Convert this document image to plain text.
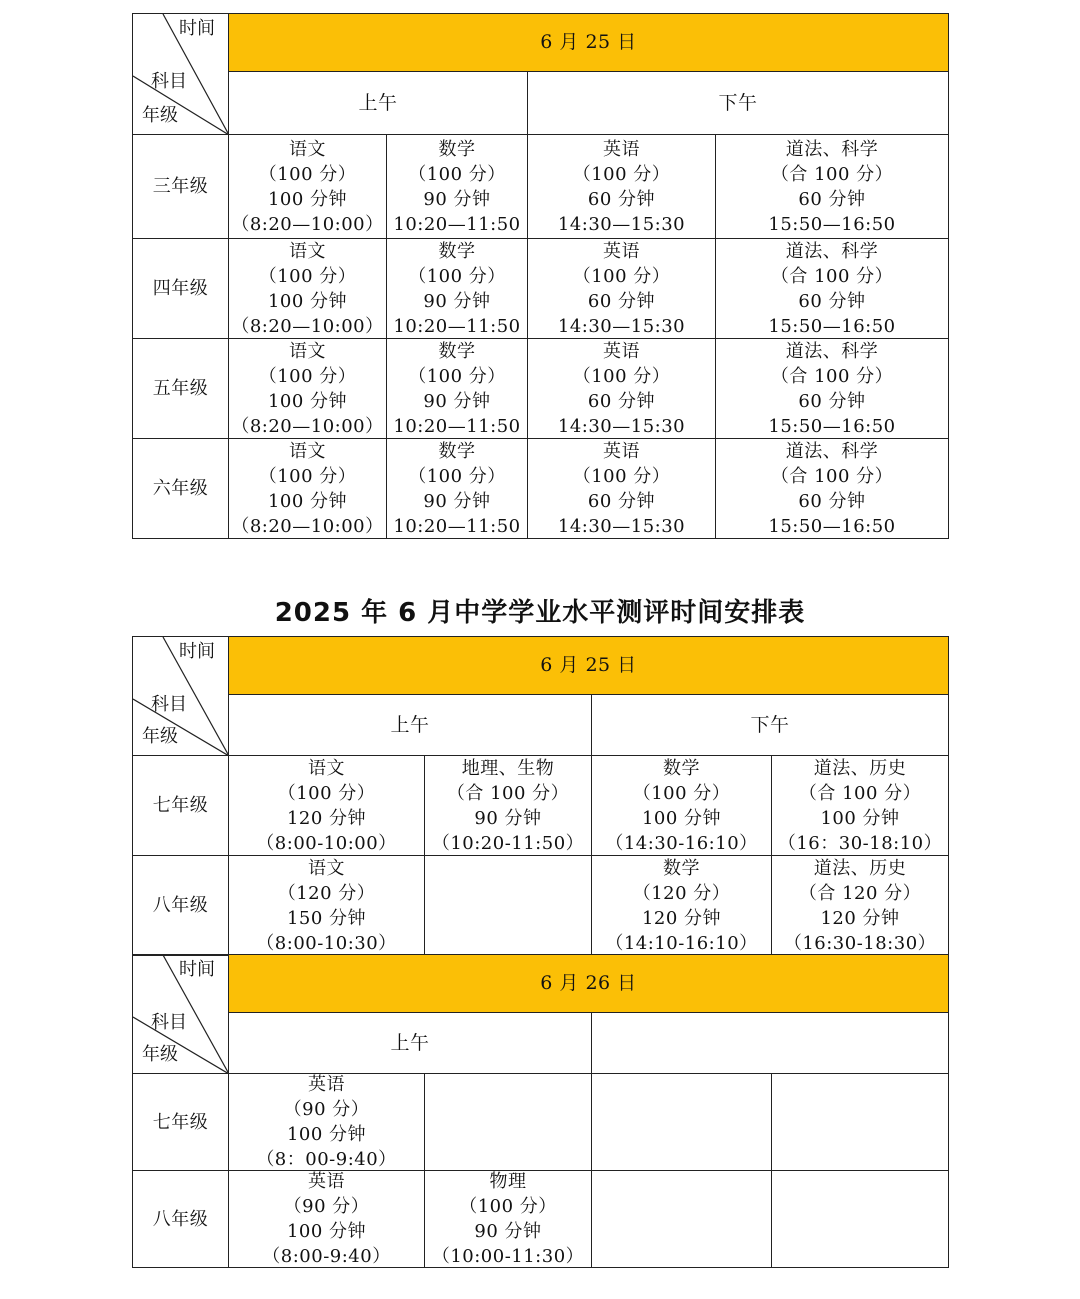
时间
科目
年级
6 月 25 日
上午	下午
三年级
语文
（100 分）
100 分钟
（8:20—10:00）
数学
（100 分）
90 分钟
10:20—11:50
英语
（100 分）
60 分钟
14:30—15:30
道法、科学
（合 100 分）
60 分钟
15:50—16:50
四年级
语文
（100 分）
100 分钟
（8:20—10:00）
数学
（100 分）
90 分钟
10:20—11:50
英语
（100 分）
60 分钟
14:30—15:30
道法、科学
（合 100 分）
60 分钟
15:50—16:50
五年级
语文
（100 分）
100 分钟
（8:20—10:00）
数学
（100 分）
90 分钟
10:20—11:50
英语
（100 分）
60 分钟
14:30—15:30
道法、科学
（合 100 分）
60 分钟
15:50—16:50
六年级
语文
（100 分）
100 分钟
（8:20—10:00）
数学
（100 分）
90 分钟
10:20—11:50
英语
（100 分）
60 分钟
14:30—15:30
道法、科学
（合 100 分）
60 分钟
15:50—16:50
时间
科目
年级
6 月 25 日
上午	下午
七年级
语文
（100 分）
120 分钟
（8:00-10:00）
地理、生物
（合 100 分）
90 分钟
（10:20-11:50）
数学
（100 分）
100 分钟
（14:30-16:10）
道法、历史
（合 100 分）
100 分钟
（16：30-18:10）
八年级
语文
（120 分）
150 分钟
（8:00-10:30）
数学
（120 分）
120 分钟
（14:10-16:10）
道法、历史
（合 120 分）
120 分钟
（16:30-18:30）
时间
科目
年级
6 月 26 日
上午
七年级
英语
（90 分）
100 分钟
（8：00-9:40）
八年级
英语
（90 分）
100 分钟
（8:00-9:40）
物理
（100 分）
90 分钟
（10:00-11:30）
2025 年 6 月中学学业水平测评时间安排表
